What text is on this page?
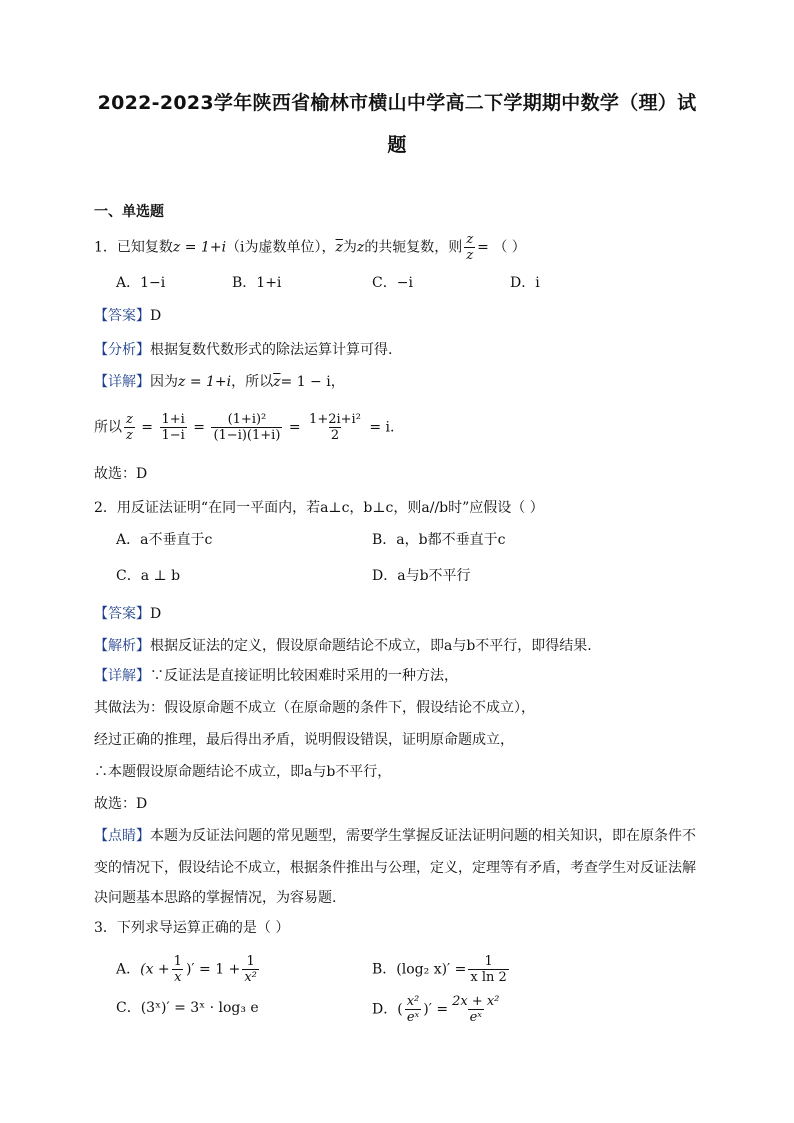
2022-2023学年陕西省榆林市横山中学高二下学期期中数学（理）试
题
一、单选题
1．已知复数z = 1+i（i为虚数单位），$\overline{z}$为z的共轭复数，则 $\frac{z}{z}$ = （ ）
A．1−i	B．1+i	C．−i	D．i
【答案】D
【分析】根据复数代数形式的除法运算计算可得.
【详解】因为z = 1+i，所以$\overline{z}= 1 - i$，
所以 $\frac{z}{z} = \frac{1+i}{1-i} = \frac{\text{(1+i)²}}{(1-i)(1+i)} = \frac{\text{1+2i+i²}}{2} = i$.
故选：D
2．用反证法证明“在同一平面内，若a⊥c，b⊥c，则a//b时”应假设（ ）
A．a不垂直于c	B．a，b都不垂直于c
C．a ⊥ b	D．a与b不平行
【答案】D
【解析】根据反证法的定义，假设原命题结论不成立，即a与b不平行，即得结果.
【详解】∵反证法是直接证明比较困难时采用的一种方法，
其做法为：假设原命题不成立（在原命题的条件下，假设结论不成立），
经过正确的推理，最后得出矛盾，说明假设错误，证明原命题成立，
∴本题假设原命题结论不成立，即a与b不平行，
故选：D
【点睛】本题为反证法问题的常见题型，需要学生掌握反证法证明问题的相关知识，即在原条件不
变的情况下，假设结论不成立，根据条件推出与公理，定义，定理等有矛盾，考查学生对反证法解
决问题基本思路的掌握情况，为容易题.
3．下列求导运算正确的是（ ）
A．($x + \frac{1}{x}$ )′ = $1 + \frac{1}{\text{x²}}$	B．(log₂ $x)' = \frac{1}{\text{x ln 2}}$
C．(3ˣ)′ = 3ˣ · log₃ e	D．( $\frac{\text{x²}}{\text{eˣ}}$ )′ = $\frac{\text{2x + x²}}{\text{eˣ}}$
